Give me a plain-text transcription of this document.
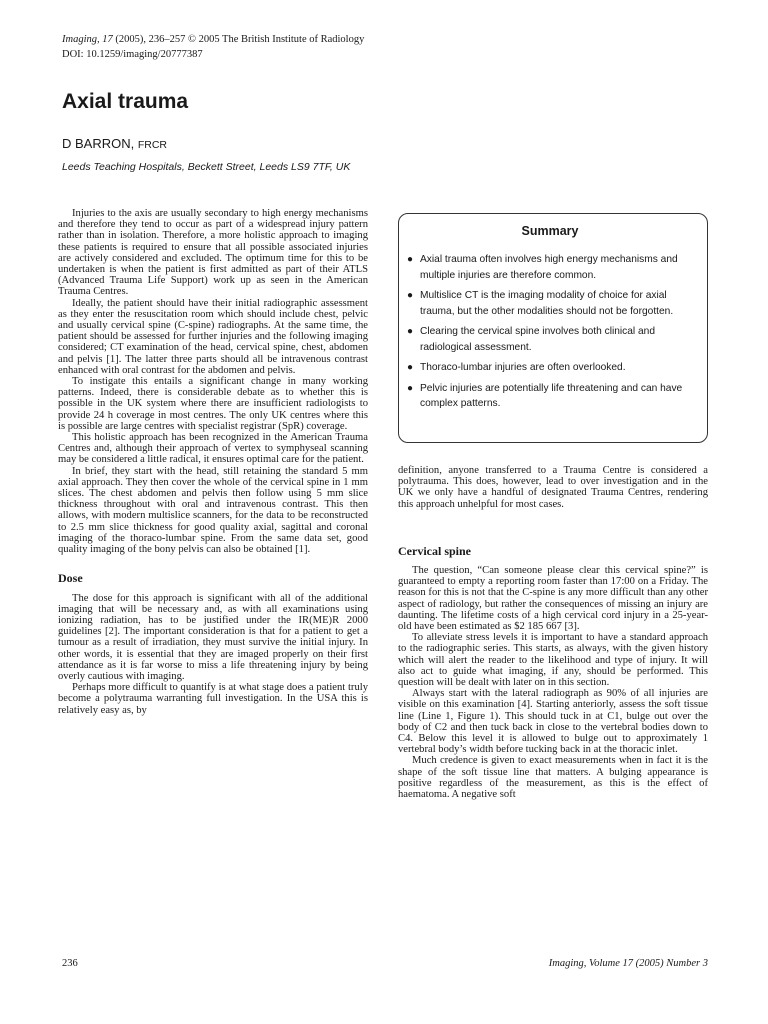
Imaging, 17 (2005), 236–257 © 2005 The British Institute of Radiology
DOI: 10.1259/imaging/20777387
Axial trauma
D BARRON, FRCR
Leeds Teaching Hospitals, Beckett Street, Leeds LS9 7TF, UK

Injuries to the axis are usually secondary to high energy mechanisms and therefore they tend to occur as part of a widespread injury pattern rather than in isolation. Therefore, a more holistic approach to imaging these patients is required to ensure that all possible associated injuries are actively considered and excluded. The optimum time for this to be undertaken is when the patient is first admitted as part of their ATLS (Advanced Trauma Life Support) work up as seen in the American Trauma Centres.

Ideally, the patient should have their initial radiographic assessment as they enter the resuscitation room which should include chest, pelvic and usually cervical spine (C-spine) radiographs. At the same time, the patient should be assessed for further injuries and the following imaging considered; CT examination of the head, cervical spine, chest, abdomen and pelvis [1]. The latter three parts should all be intravenous contrast enhanced with oral contrast for the abdomen and pelvis.

To instigate this entails a significant change in many working patterns. Indeed, there is considerable debate as to whether this is possible in the UK system where there are insufficient radiologists to provide 24 h coverage in most centres. The only UK centres where this is possible are large centres with specialist registrar (SpR) coverage.

This holistic approach has been recognized in the American Trauma Centres and, although their approach of vertex to symphyseal scanning may be considered a little radical, it ensures optimal care for the patient.

In brief, they start with the head, still retaining the standard 5 mm axial approach. They then cover the whole of the cervical spine in 1 mm slices. The chest abdomen and pelvis then follow using 5 mm slice thickness throughout with oral and intravenous contrast. This then allows, with modern multislice scanners, for the data to be reconstructed to 2.5 mm slice thickness for good quality axial, sagittal and coronal imaging of the thoraco-lumbar spine. From the same data set, good quality imaging of the bony pelvis can also be obtained [1].

Dose

The dose for this approach is significant with all of the additional imaging that will be necessary and, as with all examinations using ionizing radiation, has to be justified under the IR(ME)R 2000 guidelines [2]. The important consideration is that for a patient to get a tumour as a result of irradiation, they must survive the initial injury. In other words, it is essential that they are imaged properly on their first attendance as it is far worse to miss a life threatening injury by being overly cautious with imaging.

Perhaps more difficult to quantify is at what stage does a patient truly become a polytrauma warranting full investigation. In the USA this is relatively easy as, by

Summary
● Axial trauma often involves high energy mechanisms and multiple injuries are therefore common.
● Multislice CT is the imaging modality of choice for axial trauma, but the other modalities should not be forgotten.
● Clearing the cervical spine involves both clinical and radiological assessment.
● Thoraco-lumbar injuries are often overlooked.
● Pelvic injuries are potentially life threatening and can have complex patterns.

definition, anyone transferred to a Trauma Centre is considered a polytrauma. This does, however, lead to over investigation and in the UK we only have a handful of designated Trauma Centres, rendering this approach unhelpful for most cases.

Cervical spine

The question, “Can someone please clear this cervical spine?” is guaranteed to empty a reporting room faster than 17:00 on a Friday. The reason for this is not that the C-spine is any more difficult than any other aspect of radiology, but rather the consequences of missing an injury are daunting. The lifetime costs of a high cervical cord injury in a 25-year-old have been estimated as $2 185 667 [3].

To alleviate stress levels it is important to have a standard approach to the radiographic series. This starts, as always, with the given history which will alert the reader to the likelihood and type of injury. It will also act to guide what imaging, if any, should be performed. This question will be dealt with later on in this section.

Always start with the lateral radiograph as 90% of all injuries are visible on this examination [4]. Starting anteriorly, assess the soft tissue line (Line 1, Figure 1). This should tuck in at C1, bulge out over the body of C2 and then tuck back in close to the vertebral bodies down to C4. Below this level it is allowed to bulge out to approximately 1 vertebral body’s width before tucking back in at the thoracic inlet.

Much credence is given to exact measurements when in fact it is the shape of the soft tissue line that matters. A bulging appearance is positive regardless of the measurement, as this is the effect of haematoma. A negative soft

236	Imaging, Volume 17 (2005) Number 3
